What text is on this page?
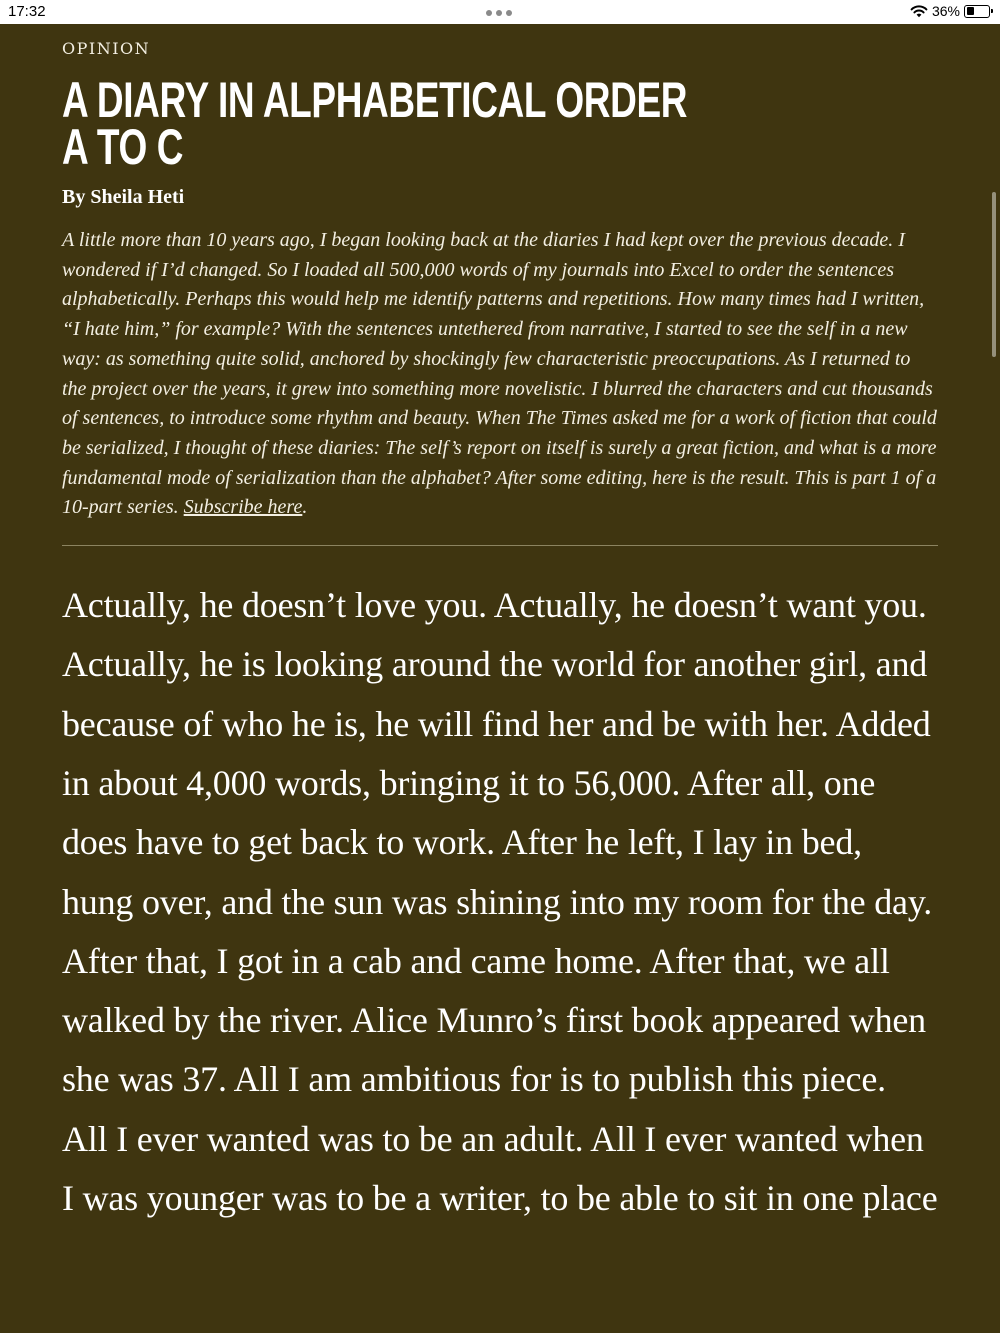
17:32	36%
OPINION
A DIARY IN ALPHABETICAL ORDER
A TO C
By Sheila Heti
A little more than 10 years ago, I began looking back at the diaries I had kept over the previous decade. I wondered if I’d changed. So I loaded all 500,000 words of my journals into Excel to order the sentences alphabetically. Perhaps this would help me identify patterns and repetitions. How many times had I written, “I hate him,” for example? With the sentences untethered from narrative, I started to see the self in a new way: as something quite solid, anchored by shockingly few characteristic preoccupations. As I returned to the project over the years, it grew into something more novelistic. I blurred the characters and cut thousands of sentences, to introduce some rhythm and beauty. When The Times asked me for a work of fiction that could be serialized, I thought of these diaries: The self’s report on itself is surely a great fiction, and what is a more fundamental mode of serialization than the alphabet? After some editing, here is the result. This is part 1 of a 10-part series. Subscribe here.
Actually, he doesn’t love you. Actually, he doesn’t want you. Actually, he is looking around the world for another girl, and because of who he is, he will find her and be with her. Added in about 4,000 words, bringing it to 56,000. After all, one does have to get back to work. After he left, I lay in bed, hung over, and the sun was shining into my room for the day. After that, I got in a cab and came home. After that, we all walked by the river. Alice Munro’s first book appeared when she was 37. All I am ambitious for is to publish this piece. All I ever wanted was to be an adult. All I ever wanted when I was younger was to be a writer, to be able to sit in one place
